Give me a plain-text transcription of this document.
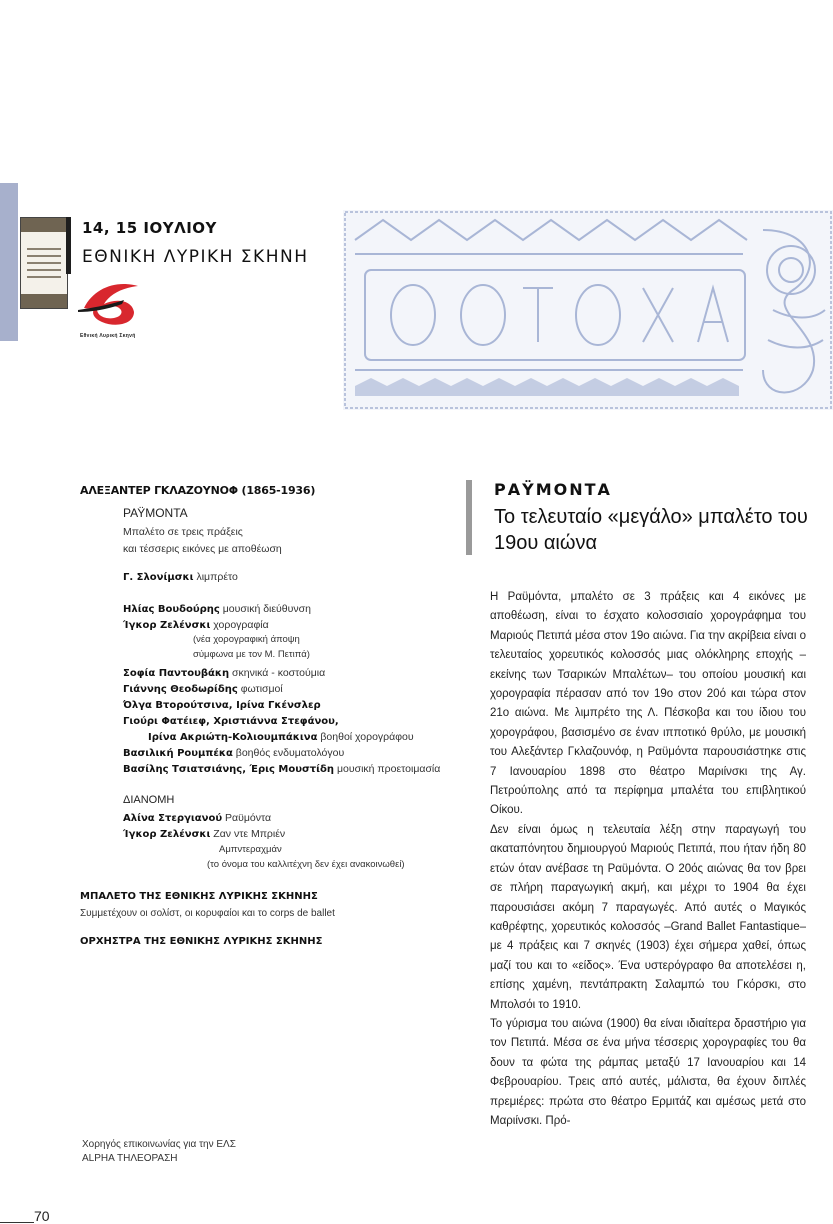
14, 15 ΙΟΥΛΙΟΥ
ΕΘΝΙΚΗ ΛΥΡΙΚΗ ΣΚΗΝΗ
Εθνική Λυρική Σκηνή
ΑΛΕΞΑΝΤΕΡ ΓΚΛΑΖΟΥΝΟΦ (1865-1936)
ΡΑΫΜΟΝΤΑ
Μπαλέτο σε τρεις πράξεις
και τέσσερις εικόνες με αποθέωση
Γ. Σλονίμσκι λιμπρέτο
Ηλίας Βουδούρης μουσική διεύθυνση
Ίγκορ Ζελένσκι χορογραφία
(νέα χορογραφική άποψη
σύμφωνα με τον Μ. Πετιπά)
Σοφία Παντουβάκη σκηνικά - κοστούμια
Γιάννης Θεοδωρίδης φωτισμοί
Όλγα Βτορούτσινα, Ιρίνα Γκένσλερ
Γιούρι Φατέιεφ, Χριστιάννα Στεφάνου,
Ιρίνα Ακριώτη-Κολιουμπάκινα βοηθοί χορογράφου
Βασιλική Ρουμπέκα βοηθός ενδυματολόγου
Βασίλης Τσιατσιάνης, Έρις Μουστίδη μουσική προετοιμασία
ΔΙΑΝΟΜΗ
Αλίνα Στεργιανού Ραϋμόντα
Ίγκορ Ζελένσκι Ζαν ντε Μπριέν
Αμπντεραχμάν
(το όνομα του καλλιτέχνη δεν έχει ανακοινωθεί)
ΜΠΑΛΕΤΟ ΤΗΣ ΕΘΝΙΚΗΣ ΛΥΡΙΚΗΣ ΣΚΗΝΗΣ
Συμμετέχουν οι σολίστ, οι κορυφαίοι και το corps de ballet
ΟΡΧΗΣΤΡΑ ΤΗΣ ΕΘΝΙΚΗΣ ΛΥΡΙΚΗΣ ΣΚΗΝΗΣ
Χορηγός επικοινωνίας για την ΕΛΣ
ALPHA ΤΗΛΕΟΡΑΣΗ
70
ΡΑΫΜΟΝΤΑ
Το τελευταίο «μεγάλο» μπαλέτο του 19ου αιώνα

Η Ραϋμόντα, μπαλέτο σε 3 πράξεις και 4 εικόνες με αποθέωση, είναι το έσχατο κολοσσιαίο χορογράφημα του Μαριούς Πετιπά μέσα στον 19ο αιώνα. Για την ακρίβεια είναι ο τελευταίος χορευτικός κολοσσός μιας ολόκληρης εποχής –εκείνης των Τσαρικών Μπαλέτων– του οποίου μουσική και χορογραφία πέρασαν από τον 19ο στον 20ό και τώρα στον 21ο αιώνα. Με λιμπρέτο της Λ. Πέσκοβα και του ίδιου του χορογράφου, βασισμένο σε έναν ιπποτικό θρύλο, με μουσική του Αλεξάντερ Γκλαζουνόφ, η Ραϋμόντα παρουσιάστηκε στις 7 Ιανουαρίου 1898 στο θέατρο Μαριίνσκι της Αγ. Πετρούπολης από τα περίφημα μπαλέτα του επιβλητικού Οίκου.

Δεν είναι όμως η τελευταία λέξη στην παραγωγή του ακαταπόνητου δημιουργού Μαριούς Πετιπά, που ήταν ήδη 80 ετών όταν ανέβασε τη Ραϋμόντα. Ο 20ός αιώνας θα τον βρει σε πλήρη παραγωγική ακμή, και μέχρι το 1904 θα έχει παρουσιάσει ακόμη 7 παραγωγές. Από αυτές ο Μαγικός καθρέφτης, χορευτικός κολοσσός –Grand Ballet Fantastique– με 4 πράξεις και 7 σκηνές (1903) έχει σήμερα χαθεί, όπως μαζί του και το «είδος». Ένα υστερόγραφο θα αποτελέσει η, επίσης χαμένη, πεντάπρακτη Σαλαμπώ του Γκόρσκι, στο Μπολσόι το 1910.

Το γύρισμα του αιώνα (1900) θα είναι ιδιαίτερα δραστήριο για τον Πετιπά. Μέσα σε ένα μήνα τέσσερις χορογραφίες του θα δουν τα φώτα της ράμπας μεταξύ 17 Ιανουαρίου και 14 Φεβρουαρίου. Τρεις από αυτές, μάλιστα, θα έχουν διπλές πρεμιέρες: πρώτα στο θέατρο Ερμιτάζ και αμέσως μετά στο Μαριίνσκι. Πρό-
